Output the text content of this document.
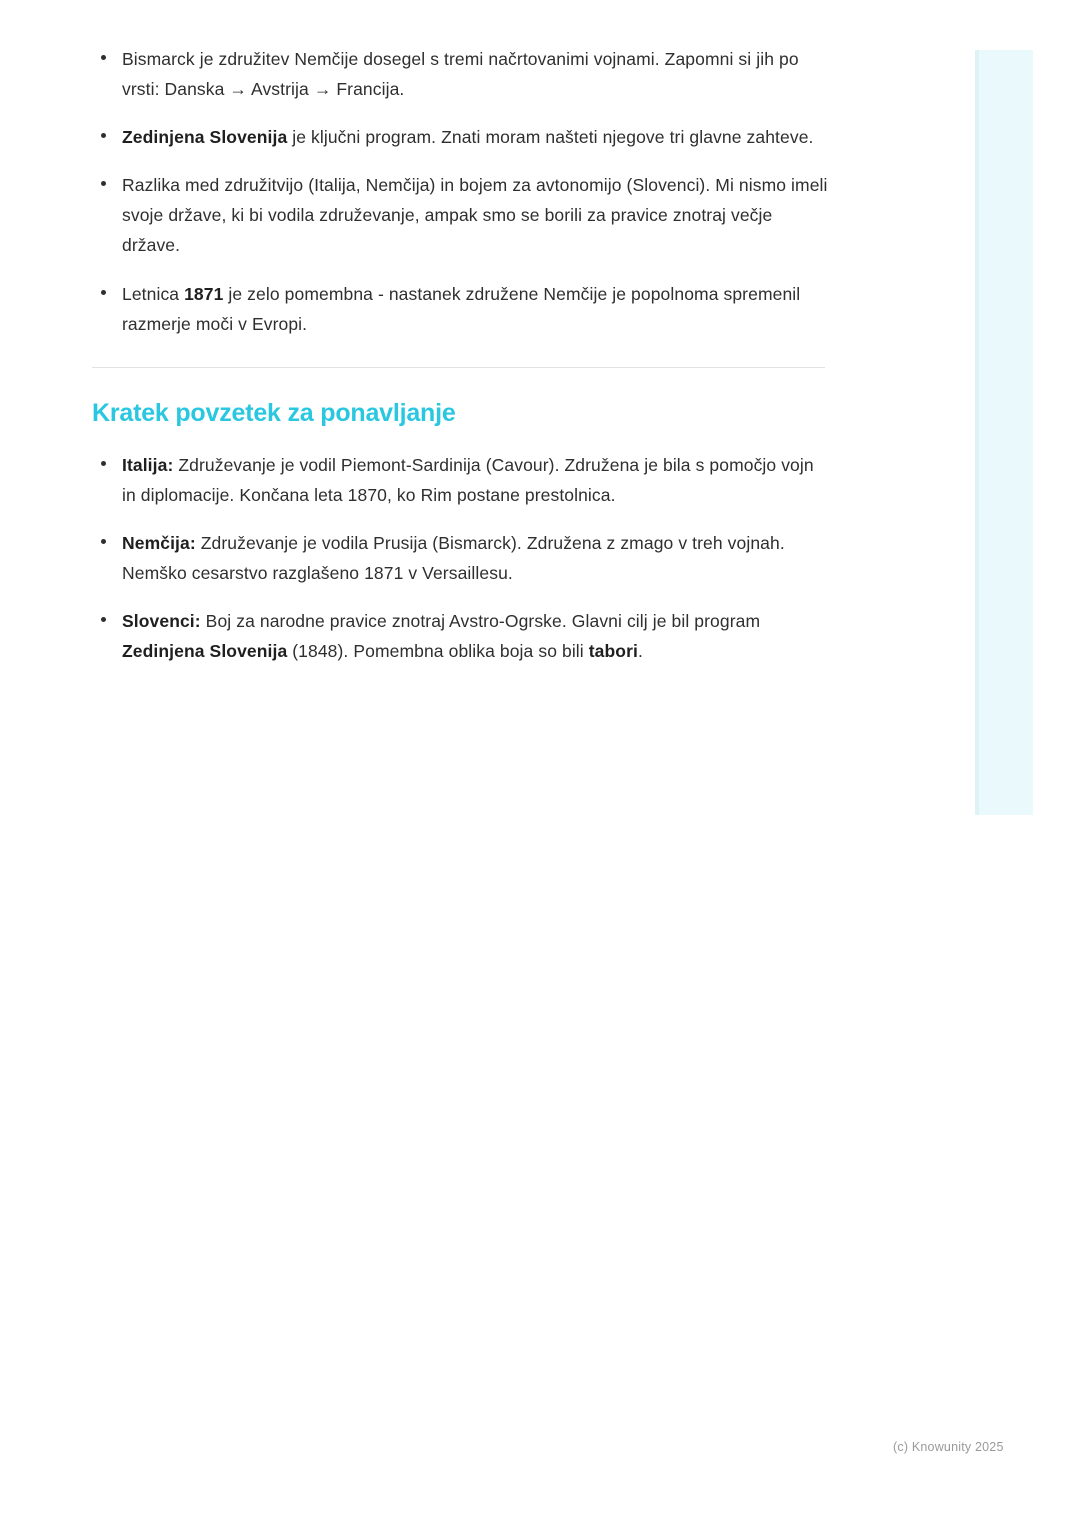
Bismarck je združitev Nemčije dosegel s tremi načrtovanimi vojnami. Zapomni si jih po vrsti: Danska → Avstrija → Francija.
Zedinjena Slovenija je ključni program. Znati moram našteti njegove tri glavne zahteve.
Razlika med združitvijo (Italija, Nemčija) in bojem za avtonomijo (Slovenci). Mi nismo imeli svoje države, ki bi vodila združevanje, ampak smo se borili za pravice znotraj večje države.
Letnica 1871 je zelo pomembna - nastanek združene Nemčije je popolnoma spremenil razmerje moči v Evropi.
Kratek povzetek za ponavljanje
Italija: Združevanje je vodil Piemont-Sardinija (Cavour). Združena je bila s pomočjo vojn in diplomacije. Končana leta 1870, ko Rim postane prestolnica.
Nemčija: Združevanje je vodila Prusija (Bismarck). Združena z zmago v treh vojnah. Nemško cesarstvo razglašeno 1871 v Versaillesu.
Slovenci: Boj za narodne pravice znotraj Avstro-Ogrske. Glavni cilj je bil program Zedinjena Slovenija (1848). Pomembna oblika boja so bili tabori.
(c) Knowunity 2025
